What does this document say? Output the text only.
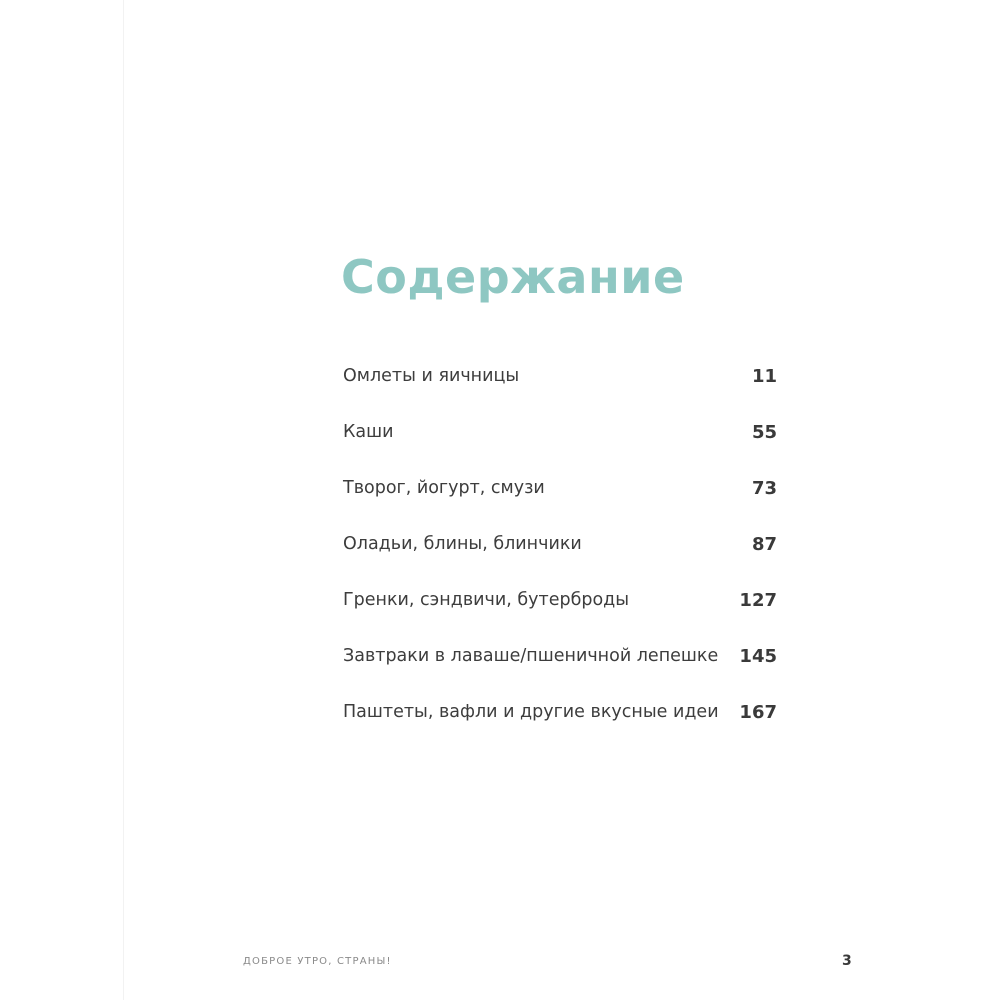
Содержание
Омлеты и яичницы	11
Каши	55
Творог, йогурт, смузи	73
Оладьи, блины, блинчики	87
Гренки, сэндвичи, бутерброды	127
Завтраки в лаваше/пшеничной лепешке 145
Паштеты, вафли и другие вкусные идеи 167
ДОБРОЕ УТРО, СТРАНЫ!	3
